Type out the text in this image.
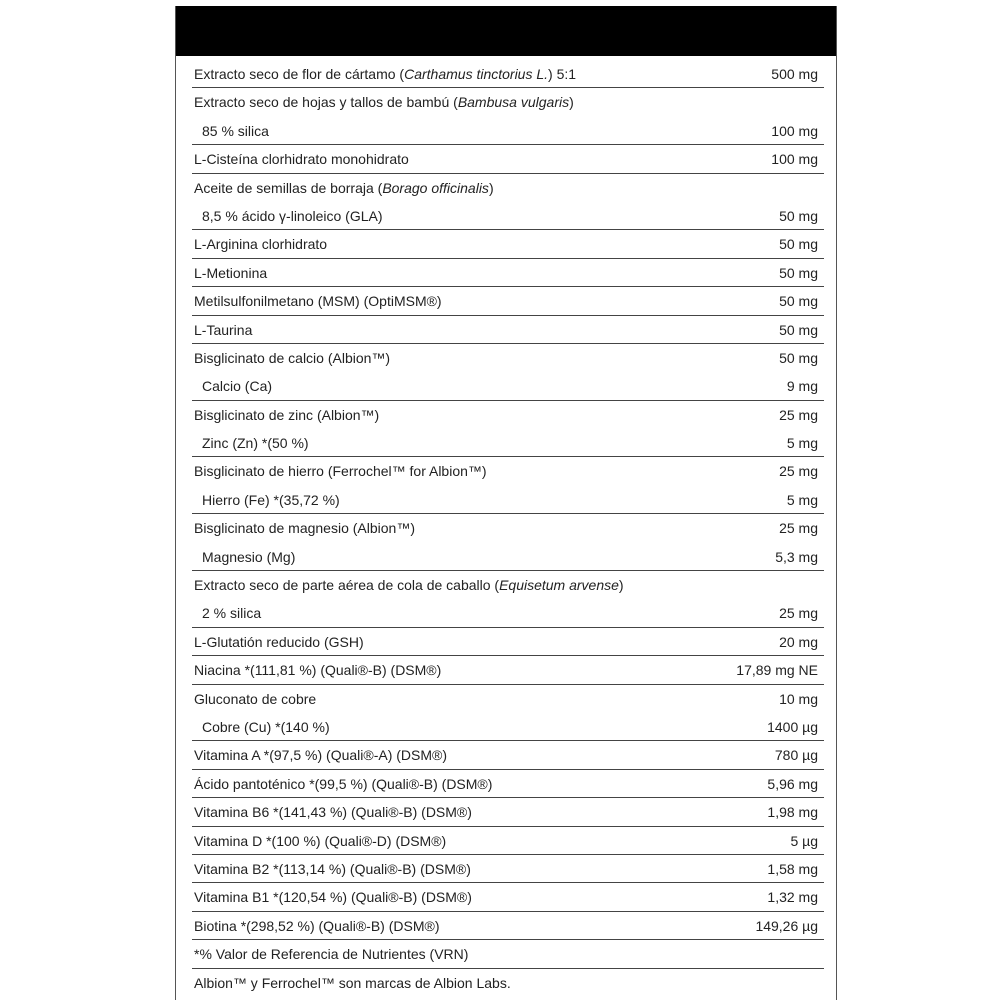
Extracto seco de flor de cártamo (Carthamus tinctorius L.) 5:1	500 mg
Extracto seco de hojas y tallos de bambú (Bambusa vulgaris)
85 % silica	100 mg
L-Cisteína clorhidrato monohidrato	100 mg
Aceite de semillas de borraja (Borago officinalis)
8,5 % ácido γ-linoleico (GLA)	50 mg
L-Arginina clorhidrato	50 mg
L-Metionina	50 mg
Metilsulfonilmetano (MSM) (OptiMSM®)	50 mg
L-Taurina	50 mg
Bisglicinato de calcio (Albion™)	50 mg
Calcio (Ca)	9 mg
Bisglicinato de zinc (Albion™)	25 mg
Zinc (Zn) *(50 %)	5 mg
Bisglicinato de hierro (Ferrochel™ for Albion™)	25 mg
Hierro (Fe) *(35,72 %)	5 mg
Bisglicinato de magnesio (Albion™)	25 mg
Magnesio (Mg)	5,3 mg
Extracto seco de parte aérea de cola de caballo (Equisetum arvense)
2 % silica	25 mg
L-Glutatión reducido (GSH)	20 mg
Niacina *(111,81 %) (Quali®-B) (DSM®)	17,89 mg NE
Gluconato de cobre	10 mg
Cobre (Cu) *(140 %)	1400 µg
Vitamina A *(97,5 %) (Quali®-A) (DSM®)	780 µg
Ácido pantoténico *(99,5 %) (Quali®-B) (DSM®)	5,96 mg
Vitamina B6 *(141,43 %) (Quali®-B) (DSM®)	1,98 mg
Vitamina D *(100 %) (Quali®-D) (DSM®)	5 µg
Vitamina B2 *(113,14 %) (Quali®-B) (DSM®)	1,58 mg
Vitamina B1 *(120,54 %) (Quali®-B) (DSM®)	1,32 mg
Biotina *(298,52 %) (Quali®-B) (DSM®)	149,26 µg
*% Valor de Referencia de Nutrientes (VRN)
Albion™ y Ferrochel™ son marcas de Albion Labs.
